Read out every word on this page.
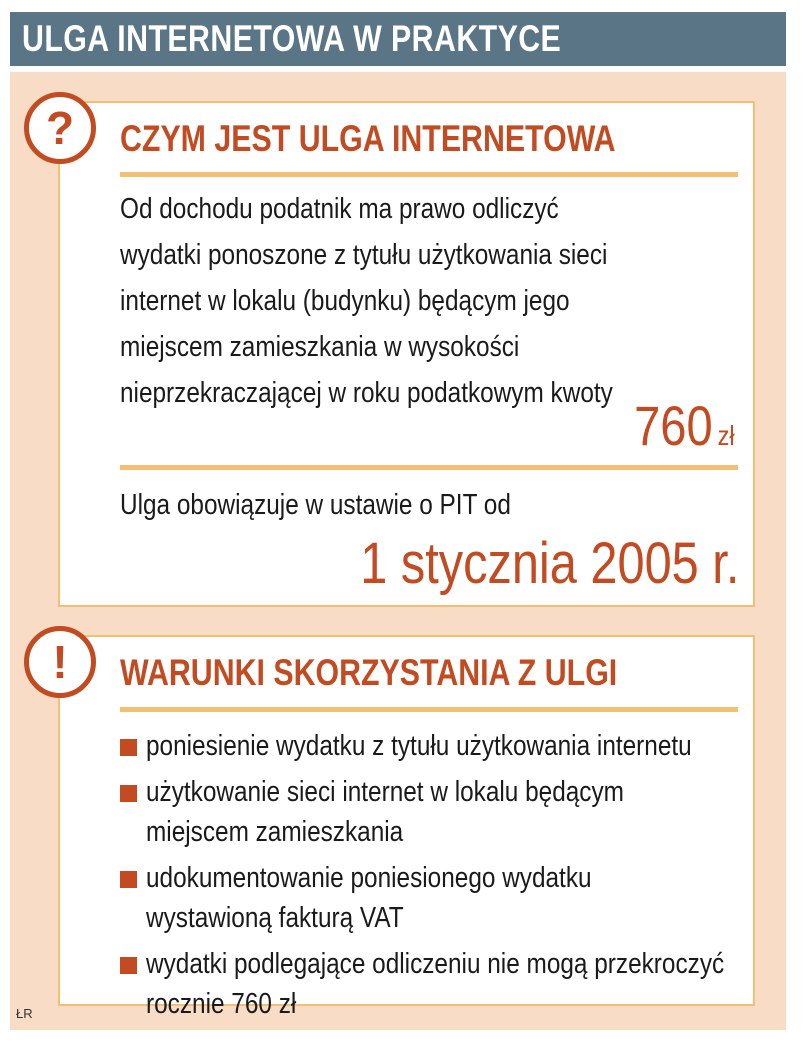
ULGA INTERNETOWA W PRAKTYCE
?	CZYM JEST ULGA INTERNETOWA
Od dochodu podatnik ma prawo odliczyć
wydatki ponoszone z tytułu użytkowania sieci
internet w lokalu (budynku) będącym jego
miejscem zamieszkania w wysokości
nieprzekraczającej w roku podatkowym kwoty
760 zł
Ulga obowiązuje w ustawie o PIT od
1 stycznia 2005 r.
!	WARUNKI SKORZYSTANIA Z ULGI
poniesienie wydatku z tytułu użytkowania internetu
użytkowanie sieci internet w lokalu będącym
miejscem zamieszkania
udokumentowanie poniesionego wydatku
wystawioną fakturą VAT
wydatki podlegające odliczeniu nie mogą przekroczyć
rocznie 760 zł
ŁR
